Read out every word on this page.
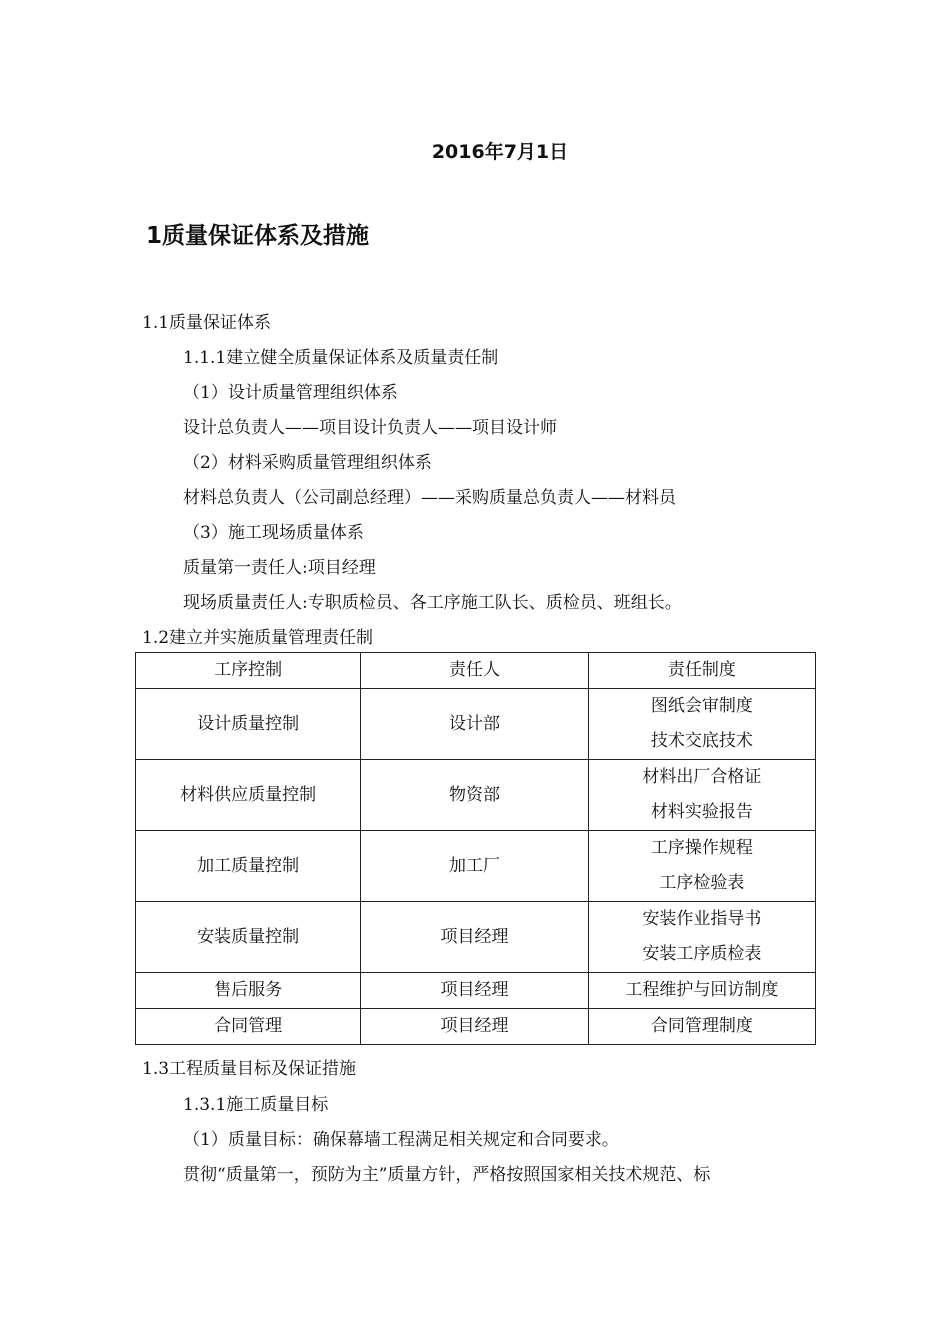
2016年7月1日
1质量保证体系及措施
1.1质量保证体系
1.1.1建立健全质量保证体系及质量责任制
（1）设计质量管理组织体系
设计总负责人——项目设计负责人——项目设计师
（2）材料采购质量管理组织体系
材料总负责人（公司副总经理）——采购质量总负责人——材料员
（3）施工现场质量体系
质量第一责任人:项目经理
现场质量责任人:专职质检员、各工序施工队长、质检员、班组长。
1.2建立并实施质量管理责任制
工序控制	责任人	责任制度
设计质量控制	设计部	图纸会审制度
技术交底技术

材料供应质量控制	物资部	材料出厂合格证
材料实验报告

加工质量控制	加工厂	工序操作规程
工序检验表

安装质量控制	项目经理	安装作业指导书
安装工序质检表

售后服务	项目经理	工程维护与回访制度
合同管理	项目经理	合同管理制度
1.3工程质量目标及保证措施
1.3.1施工质量目标
（1）质量目标：确保幕墙工程满足相关规定和合同要求。
贯彻“质量第一，预防为主”质量方针，严格按照国家相关技术规范、标
